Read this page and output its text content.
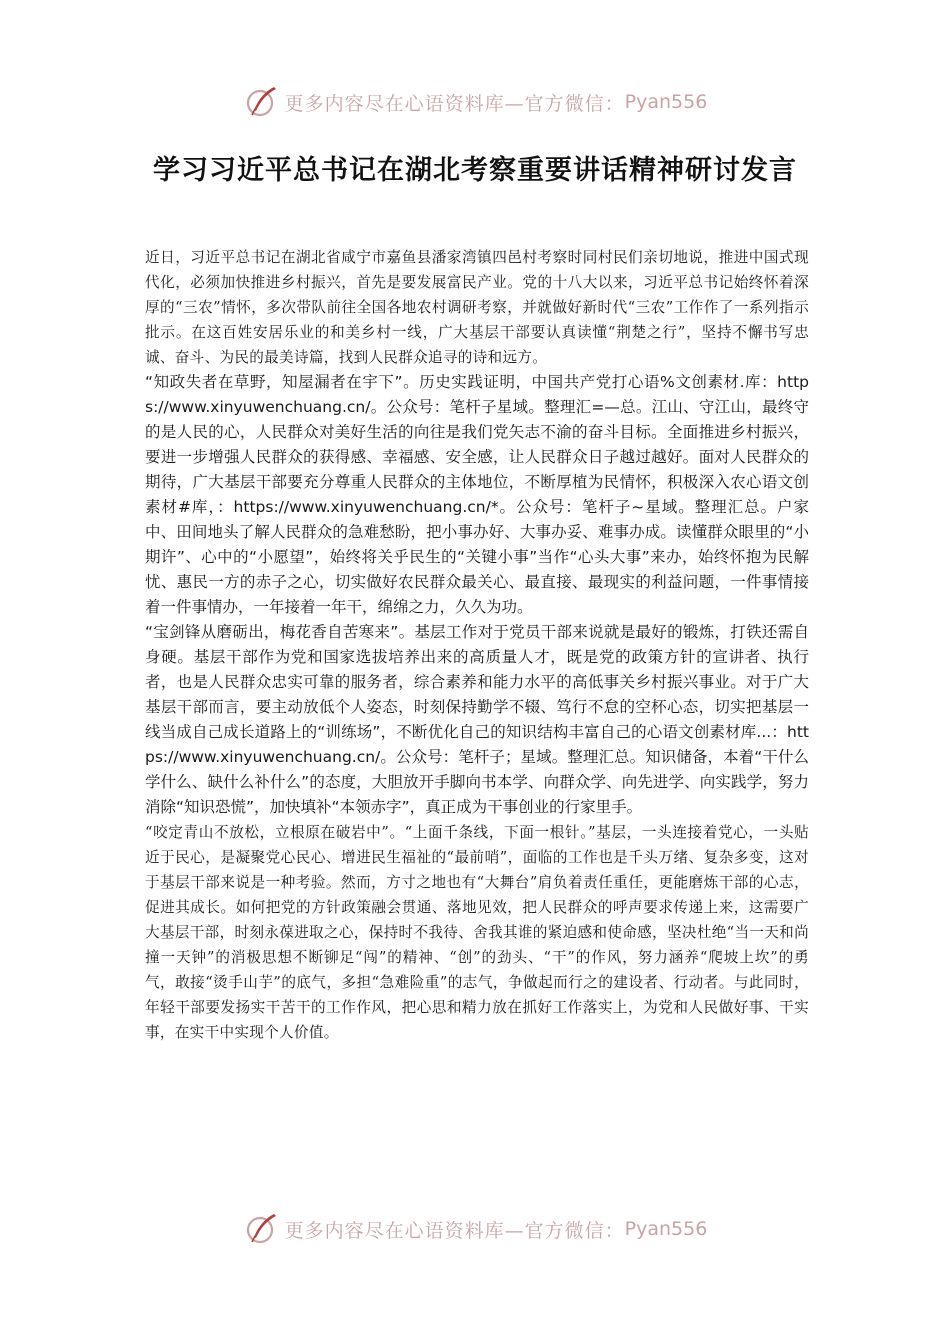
更多内容尽在心语资料库—官方微信： Pyan556
学习习近平总书记在湖北考察重要讲话精神研讨发言

近日，习近平总书记在湖北省咸宁市嘉鱼县潘家湾镇四邑村考察时同村民们亲切地说，推进中国式现代化，必须加快推进乡村振兴，首先是要发展富民产业。党的十八大以来，习近平总书记始终怀着深厚的“三农”情怀，多次带队前往全国各地农村调研考察，并就做好新时代“三农”工作作了一系列指示批示。在这百姓安居乐业的和美乡村一线，广大基层干部要认真读懂“荆楚之行”，坚持不懈书写忠诚、奋斗、为民的最美诗篇，找到人民群众追寻的诗和远方。

“知政失者在草野，知屋漏者在宇下”。历史实践证明，中国共产党打心语%文创素材.库：https://www.xinyuwenchuang.cn/。公众号：笔杆子星域。整理汇=—总。江山、守江山，最终守的是人民的心，人民群众对美好生活的向往是我们党矢志不渝的奋斗目标。全面推进乡村振兴，要进一步增强人民群众的获得感、幸福感、安全感，让人民群众日子越过越好。面对人民群众的期待，广大基层干部要充分尊重人民群众的主体地位，不断厚植为民情怀，积极深入农心语文创素材#库，：https://www.xinyuwenchuang.cn/*。公众号：笔杆子~星域。整理汇总。户家中、田间地头了解人民群众的急难愁盼，把小事办好、大事办妥、难事办成。读懂群众眼里的“小期许”、心中的“小愿望”，始终将关乎民生的“关键小事”当作“心头大事”来办，始终怀抱为民解忧、惠民一方的赤子之心，切实做好农民群众最关心、最直接、最现实的利益问题，一件事情接着一件事情办，一年接着一年干，绵绵之力，久久为功。

“宝剑锋从磨砺出，梅花香自苦寒来”。基层工作对于党员干部来说就是最好的锻炼，打铁还需自身硬。基层干部作为党和国家选拔培养出来的高质量人才，既是党的政策方针的宣讲者、执行者，也是人民群众忠实可靠的服务者，综合素养和能力水平的高低事关乡村振兴事业。对于广大基层干部而言，要主动放低个人姿态，时刻保持勤学不辍、笃行不怠的空杯心态，切实把基层一线当成自己成长道路上的“训练场”，不断优化自己的知识结构丰富自己的心语文创素材库...：https://www.xinyuwenchuang.cn/。公众号：笔杆子；星域。整理汇总。知识储备，本着“干什么学什么、缺什么补什么”的态度，大胆放开手脚向书本学、向群众学、向先进学、向实践学，努力消除“知识恐慌”，加快填补“本领赤字”，真正成为干事创业的行家里手。

“咬定青山不放松，立根原在破岩中”。“上面千条线，下面一根针。”基层，一头连接着党心，一头贴近于民心，是凝聚党心民心、增进民生福祉的“最前哨”，面临的工作也是千头万绪、复杂多变，这对于基层干部来说是一种考验。然而，方寸之地也有“大舞台”肩负着责任重任，更能磨炼干部的心志，促进其成长。如何把党的方针政策融会贯通、落地见效，把人民群众的呼声要求传递上来，这需要广大基层干部，时刻永葆进取之心，保持时不我待、舍我其谁的紧迫感和使命感，坚决杜绝“当一天和尚撞一天钟”的消极思想不断铆足“闯”的精神、“创”的劲头、“干”的作风，努力涵养“爬坡上坎”的勇气，敢接“烫手山芋”的底气，多担“急难险重”的志气，争做起而行之的建设者、行动者。与此同时，年轻干部要发扬实干苦干的工作作风，把心思和精力放在抓好工作落实上，为党和人民做好事、干实事，在实干中实现个人价值。

更多内容尽在心语资料库—官方微信： Pyan556
